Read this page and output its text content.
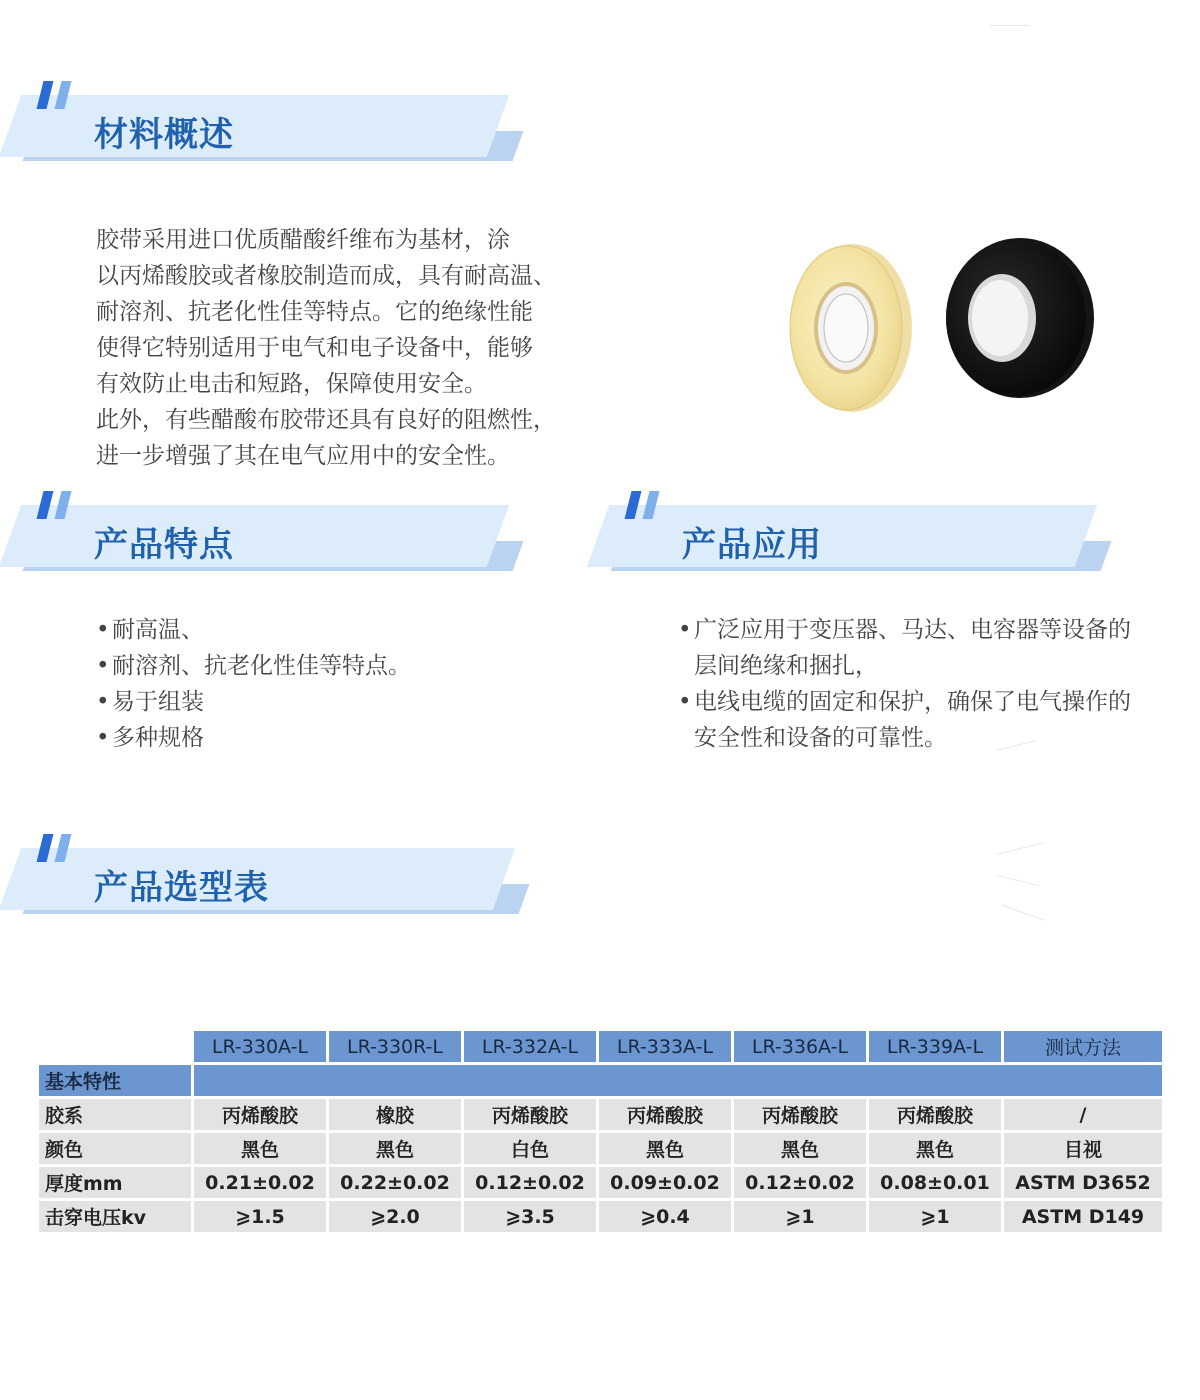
材料概述

胶带采用进口优质醋酸纤维布为基材，涂

以丙烯酸胶或者橡胶制造而成，具有耐高温、

耐溶剂、抗老化性佳等特点。它的绝缘性能

使得它特别适用于电气和电子设备中，能够

有效防止电击和短路，保障使用安全。

此外，有些醋酸布胶带还具有良好的阻燃性，

进一步增强了其在电气应用中的安全性。

产品特点
• 耐高温、
• 耐溶剂、抗老化性佳等特点。
• 易于组装
• 多种规格
产品应用
• 广泛应用于变压器、马达、电容器等设备的层间绝缘和捆扎，
• 电线电缆的固定和保护，确保了电气操作的安全性和设备的可靠性。
产品选型表
	LR-330A-L	LR-330R-L	LR-332A-L	LR-333A-L	LR-336A-L	LR-339A-L	测试方法
基本特性							
胶系	丙烯酸胶	橡胶	丙烯酸胶	丙烯酸胶	丙烯酸胶	丙烯酸胶	/
颜色	黑色	黑色	白色	黑色	黑色	黑色	目视
厚度mm	0.21±0.02	0.22±0.02	0.12±0.02	0.09±0.02	0.12±0.02	0.08±0.01	ASTM D3652
击穿电压kv	⩾1.5	⩾2.0	⩾3.5	⩾0.4	⩾1	⩾1	ASTM D149
